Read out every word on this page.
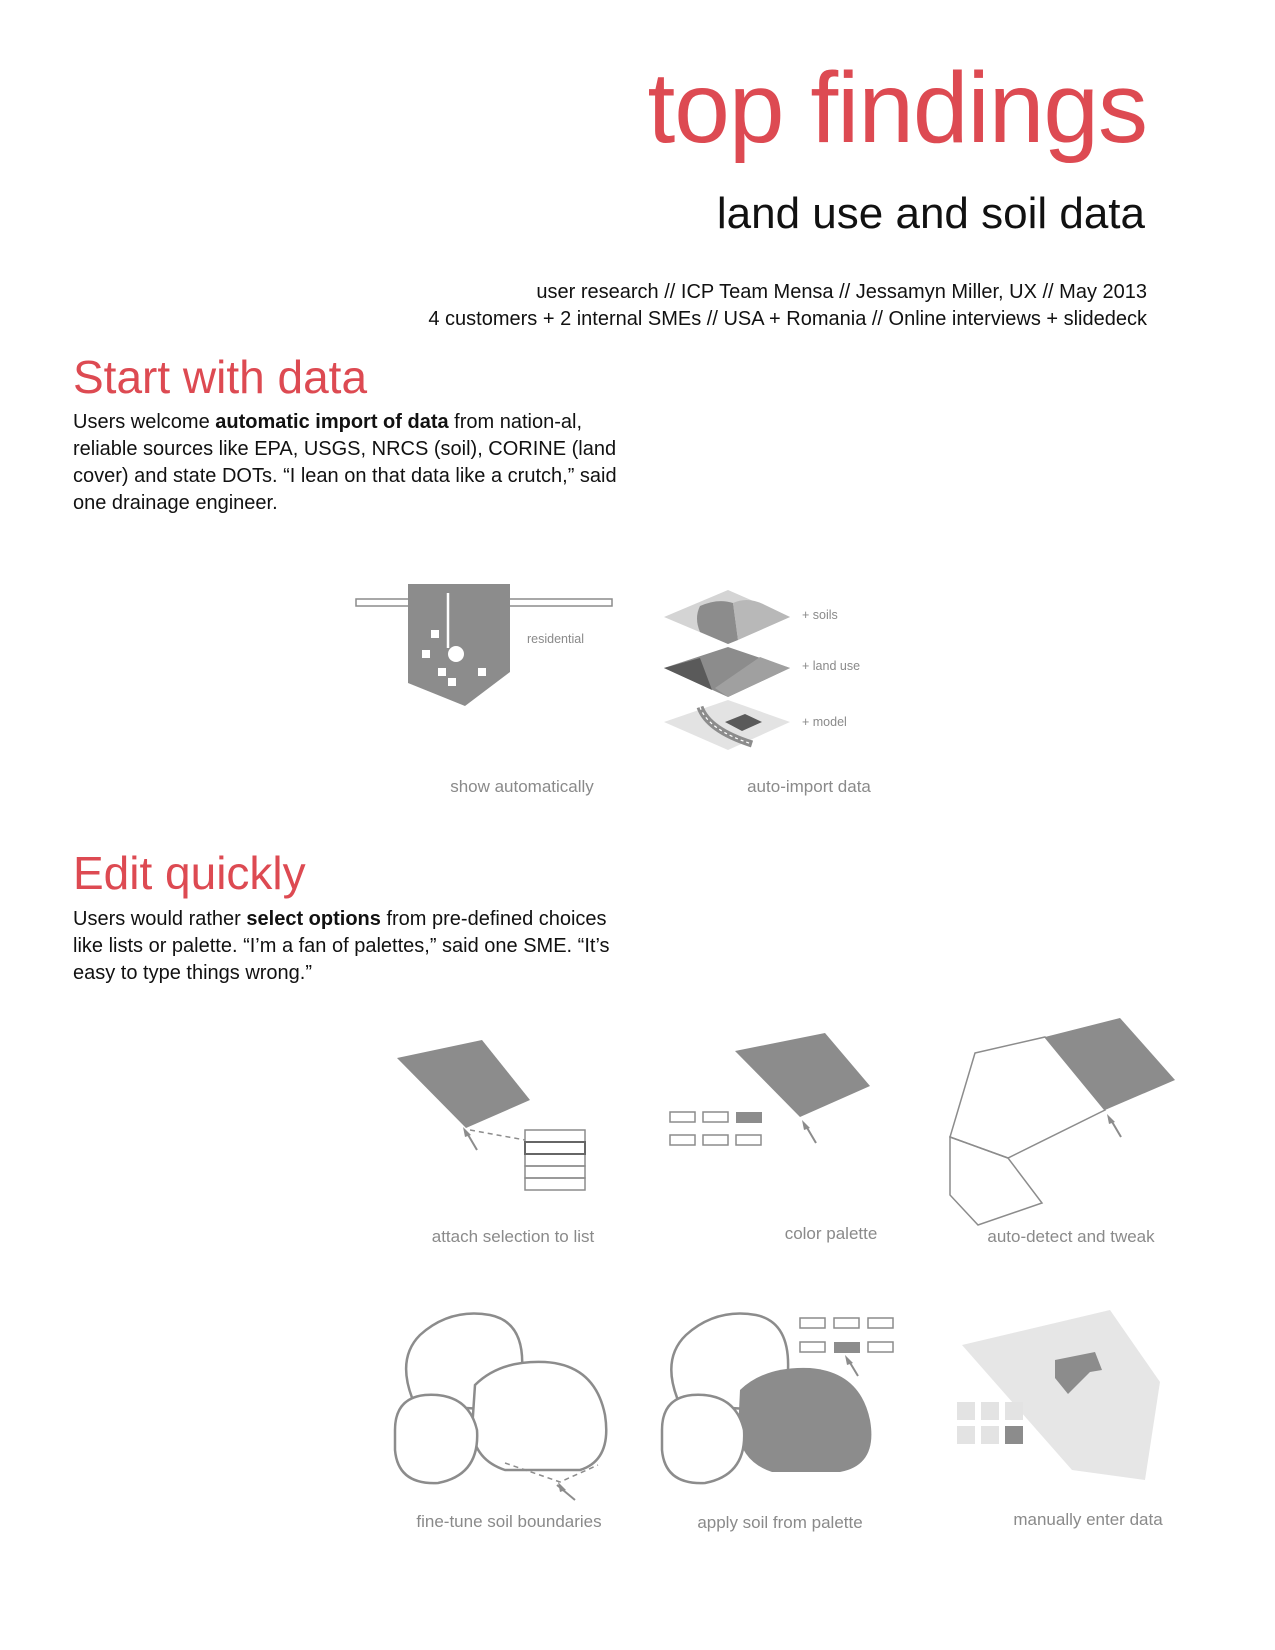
top findings
land use and soil data
user research // ICP Team Mensa // Jessamyn Miller, UX // May 2013
4 customers + 2 internal SMEs // USA + Romania // Online interviews + slidedeck
Start with data
Users welcome automatic import of data from nation-al, reliable sources like EPA, USGS, NRCS (soil), CORINE (land cover) and state DOTs. “I lean on that data like a crutch,” said one drainage engineer.
residential
+ soils
+ land use
+ model
show automatically	auto-import data
Edit quickly
Users would rather select options from pre-defined choices like lists or palette. “I’m a fan of palettes,” said one SME. “It’s easy to type things wrong.”
attach selection to list	color palette	auto-detect and tweak
fine-tune soil boundaries	apply soil from palette	manually enter data
